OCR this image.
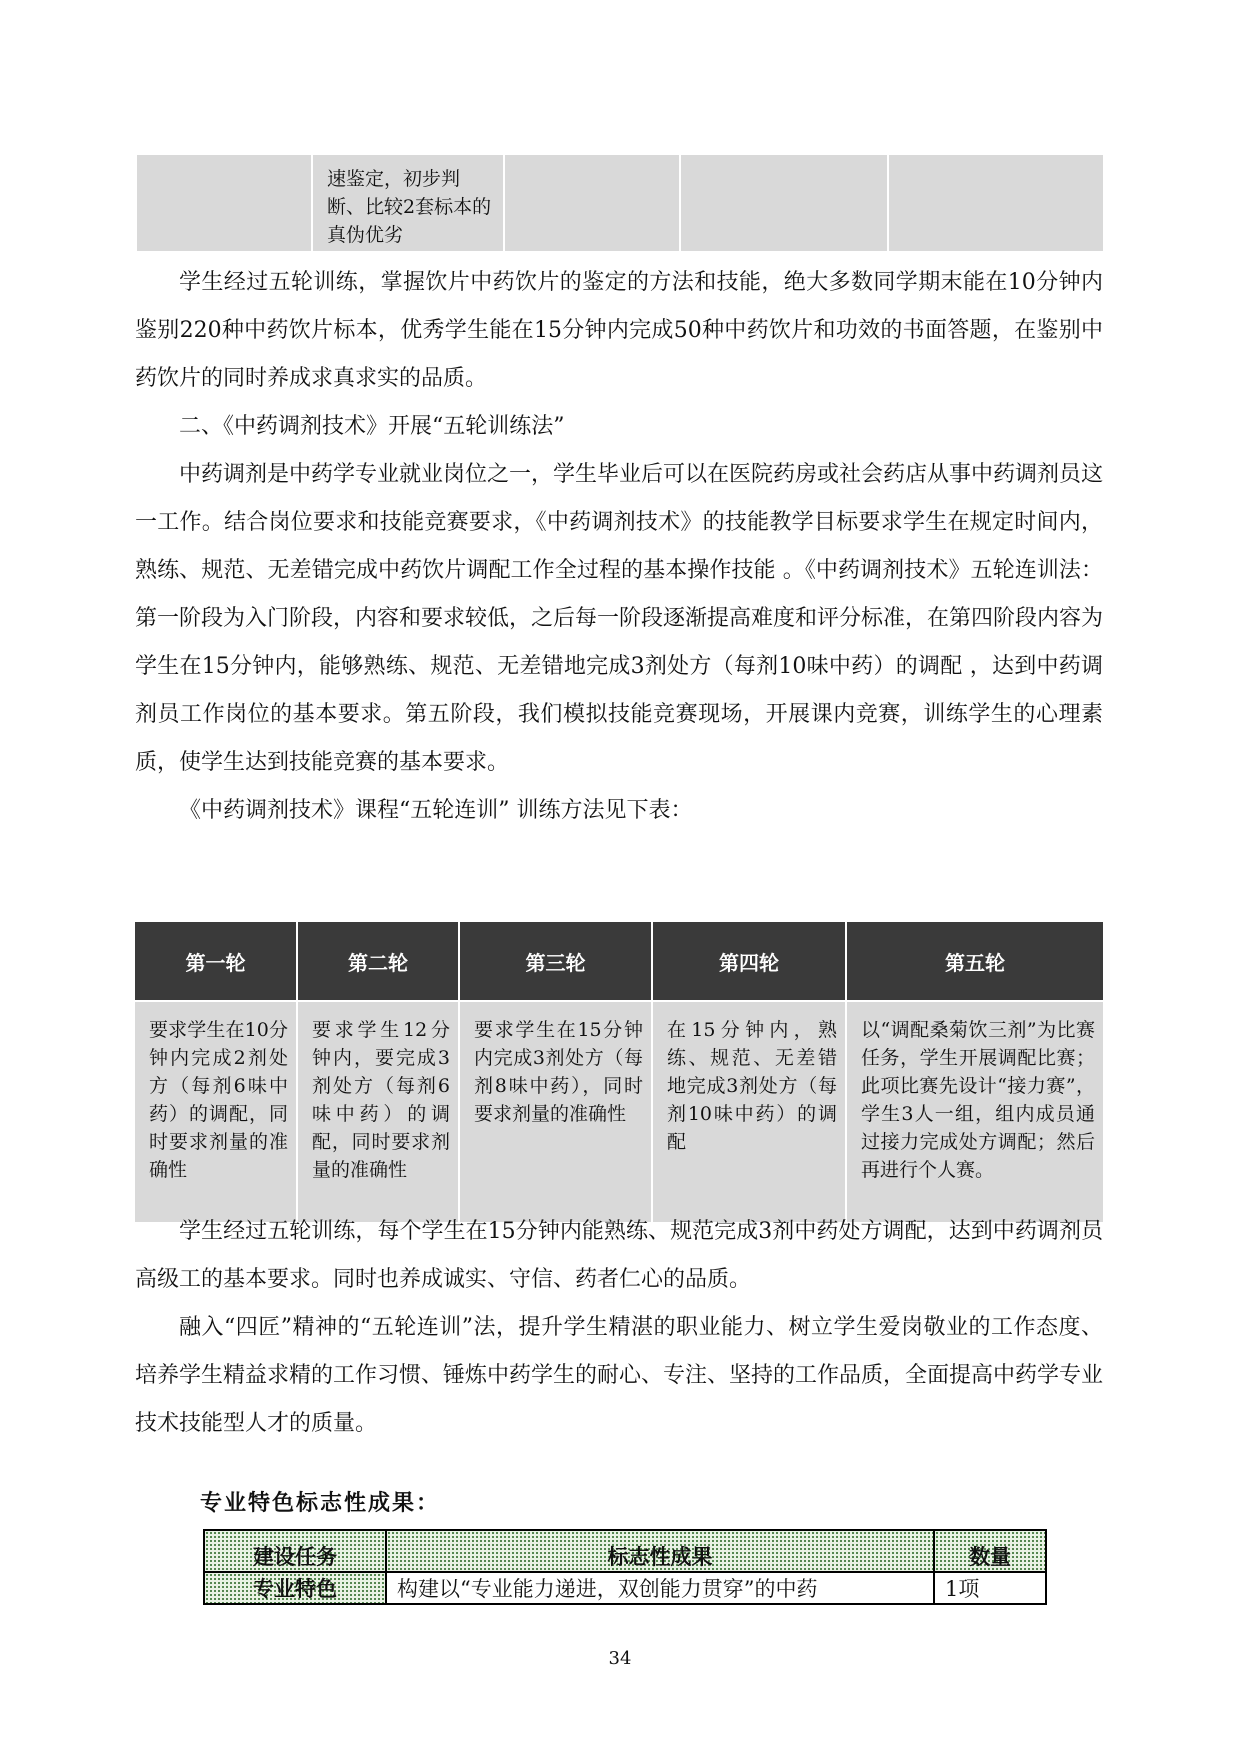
	速鉴定，初步判断、比较2套标本的真伪优劣			

学生经过五轮训练，掌握饮片中药饮片的鉴定的方法和技能，绝大多数同学期末能在10分钟内鉴别220种中药饮片标本，优秀学生能在15分钟内完成50种中药饮片和功效的书面答题，在鉴别中药饮片的同时养成求真求实的品质。

二、《中药调剂技术》开展“五轮训练法”

中药调剂是中药学专业就业岗位之一，学生毕业后可以在医院药房或社会药店从事中药调剂员这一工作。结合岗位要求和技能竞赛要求，《中药调剂技术》的技能教学目标要求学生在规定时间内，熟练、规范、无差错完成中药饮片调配工作全过程的基本操作技能 。《中药调剂技术》五轮连训法：第一阶段为入门阶段，内容和要求较低，之后每一阶段逐渐提高难度和评分标准，在第四阶段内容为学生在15分钟内，能够熟练、规范、无差错地完成3剂处方（每剂10味中药）的调配 ，达到中药调剂员工作岗位的基本要求。第五阶段，我们模拟技能竞赛现场，开展课内竞赛，训练学生的心理素质，使学生达到技能竞赛的基本要求。

《中药调剂技术》课程“五轮连训” 训练方法见下表：

第一轮	第二轮	第三轮	第四轮	第五轮
要求学生在10分钟内完成2剂处方（每剂6味中药）的调配，同时要求剂量的准确性	要求学生12分钟内，要完成3剂处方（每剂6味中药）的调配，同时要求剂量的准确性	要求学生在15分钟内完成3剂处方（每剂8味中药），同时要求剂量的准确性	在15分钟内，熟练、规范、无差错地完成3剂处方（每剂10味中药）的调配	以“调配桑菊饮三剂”为比赛任务，学生开展调配比赛；此项比赛先设计“接力赛”，学生3人一组，组内成员通过接力完成处方调配；然后再进行个人赛。

学生经过五轮训练，每个学生在15分钟内能熟练、规范完成3剂中药处方调配，达到中药调剂员高级工的基本要求。同时也养成诚实、守信、药者仁心的品质。

融入“四匠”精神的“五轮连训”法，提升学生精湛的职业能力、树立学生爱岗敬业的工作态度、培养学生精益求精的工作习惯、锤炼中药学生的耐心、专注、坚持的工作品质，全面提高中药学专业技术技能型人才的质量。

专业特色标志性成果：
建设任务	标志性成果	数量
专业特色	构建以“专业能力递进，双创能力贯穿”的中药	1项
34
